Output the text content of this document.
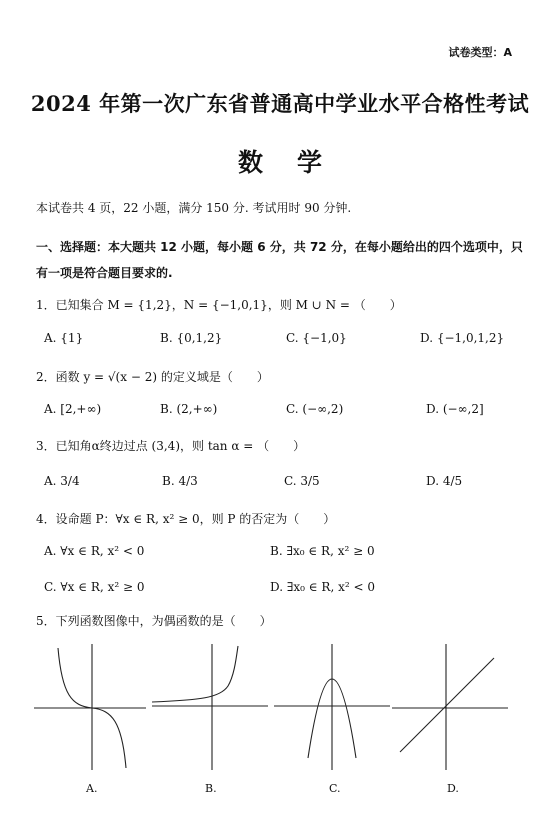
试卷类型：A
2024 年第一次广东省普通高中学业水平合格性考试
数学
本试卷共 4 页，22 小题，满分 150 分. 考试用时 90 分钟.
一、选择题：本大题共 12 小题，每小题 6 分，共 72 分，在每小题给出的四个选项中，只
有一项是符合题目要求的.
1．已知集合 M = {1,2}，N = {−1,0,1}，则 M ∪ N = （　　）
A. {1}	B. {0,1,2}	C. {−1,0}	D. {−1,0,1,2}
2．函数 y = √(x − 2) 的定义域是（　　）
A. [2,+∞)	B. (2,+∞)	C. (−∞,2)	D. (−∞,2]
3．已知角α终边过点 (3,4)，则 tan α = （　　）
A. 3/4	B. 4/3	C. 3/5	D. 4/5
4．设命题 P：∀x ∈ R, x² ≥ 0，则 P 的否定为（　　）
A. ∀x ∈ R, x² < 0	B. ∃x₀ ∈ R, x² ≥ 0
C. ∀x ∈ R, x² ≥ 0	D. ∃x₀ ∈ R, x² < 0
5．下列函数图像中，为偶函数的是（　　）
A.	B.	C.	D.
